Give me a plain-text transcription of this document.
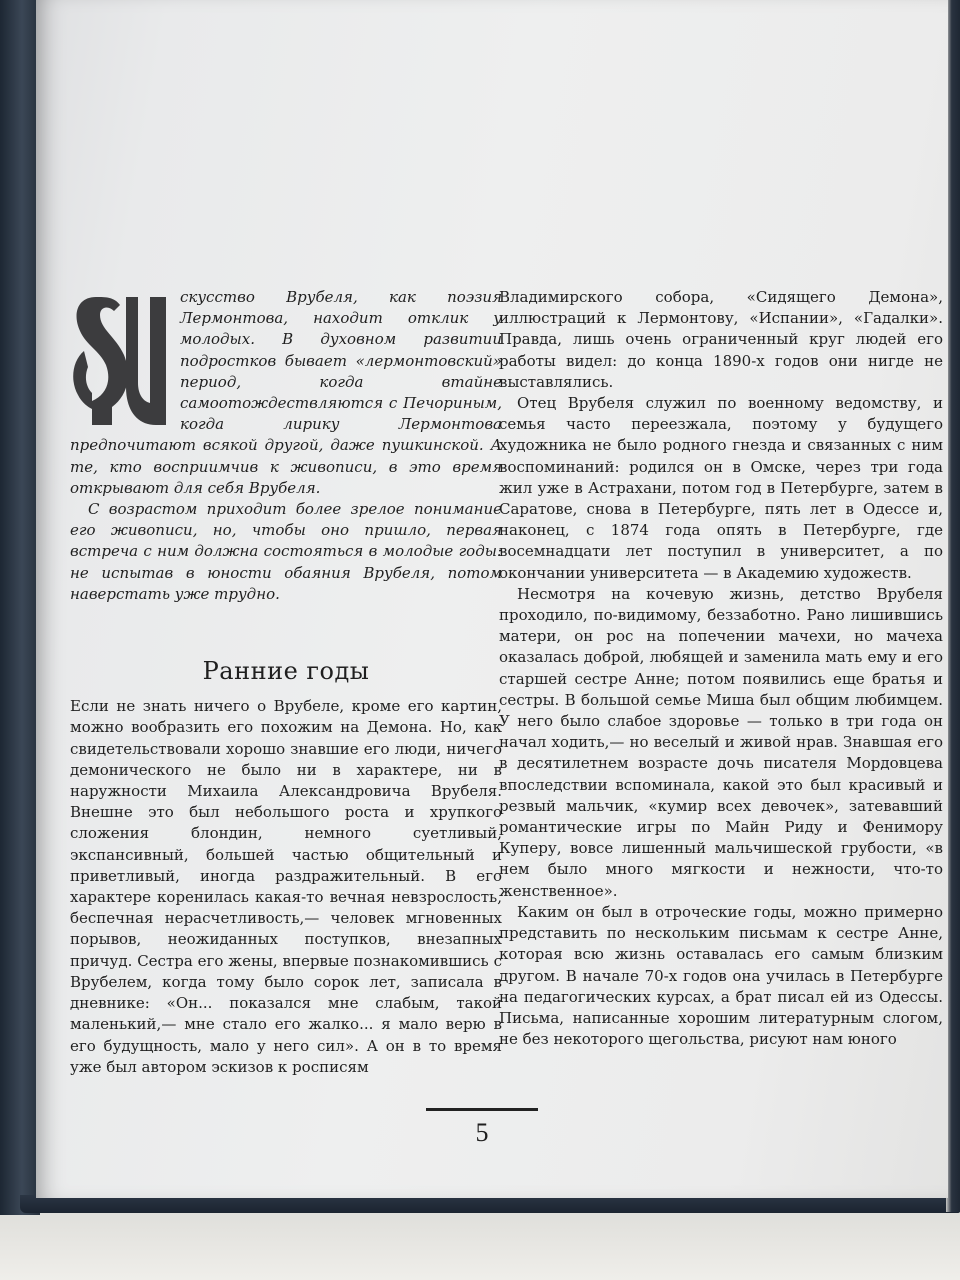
скусство Врубеля, как поэзия Лермонтова, находит отклик у молодых. В духовном развитии подростков бывает «лермонтовский» период, когда втайне самоотождествляются с Печориным, когда лирику Лермонтова предпочитают всякой другой, даже пушкинской. А те, кто восприимчив к живописи, в это время открывают для себя Врубеля.

С возрастом приходит более зрелое понимание его живописи, но, чтобы оно пришло, первая встреча с ним должна состояться в молодые годы: не испытав в юности обаяния Врубеля, потом наверстать уже трудно.

Ранние годы

Если не знать ничего о Врубеле, кроме его картин, можно вообразить его похожим на Демона. Но, как свидетельствовали хорошо знавшие его люди, ничего демонического не было ни в характере, ни в наружности Михаила Александровича Врубеля. Внешне это был небольшого роста и хрупкого сложения блондин, немного суетливый, экспансивный, большей частью общительный и приветливый, иногда раздражительный. В его характере коренилась какая-то вечная невзрослость, беспечная нерасчетливость,— человек мгновенных порывов, неожиданных поступков, внезапных причуд. Сестра его жены, впервые познакомившись с Врубелем, когда тому было сорок лет, записала в дневнике: «Он... показался мне слабым, такой маленький,— мне стало его жалко... я мало верю в его будущность, мало у него сил». А он в то время уже был автором эскизов к росписям

Владимирского собора, «Сидящего Демона», иллюстраций к Лермонтову, «Испании», «Гадалки». Правда, лишь очень ограниченный круг людей его работы видел: до конца 1890-х годов они нигде не выставлялись.

Отец Врубеля служил по военному ведомству, и семья часто переезжала, поэтому у будущего художника не было родного гнезда и связанных с ним воспоминаний: родился он в Омске, через три года жил уже в Астрахани, потом год в Петербурге, затем в Саратове, снова в Петербурге, пять лет в Одессе и, наконец, с 1874 года опять в Петербурге, где восемнадцати лет поступил в университет, а по окончании университета — в Академию художеств.

Несмотря на кочевую жизнь, детство Врубеля проходило, по-видимому, беззаботно. Рано лишившись матери, он рос на попечении мачехи, но мачеха оказалась доброй, любящей и заменила мать ему и его старшей сестре Анне; потом появились еще братья и сестры. В большой семье Миша был общим любимцем. У него было слабое здоровье — только в три года он начал ходить,— но веселый и живой нрав. Знавшая его в десятилетнем возрасте дочь писателя Мордовцева впоследствии вспоминала, какой это был красивый и резвый мальчик, «кумир всех девочек», затевавший романтические игры по Майн Риду и Фенимору Куперу, вовсе лишенный мальчишеской грубости, «в нем было много мягкости и нежности, что-то женственное».

Каким он был в отроческие годы, можно примерно представить по нескольким письмам к сестре Анне, которая всю жизнь оставалась его самым близким другом. В начале 70-х годов она училась в Петербурге на педагогических курсах, а брат писал ей из Одессы. Письма, написанные хорошим литературным слогом, не без некоторого щегольства, рисуют нам юного

5
